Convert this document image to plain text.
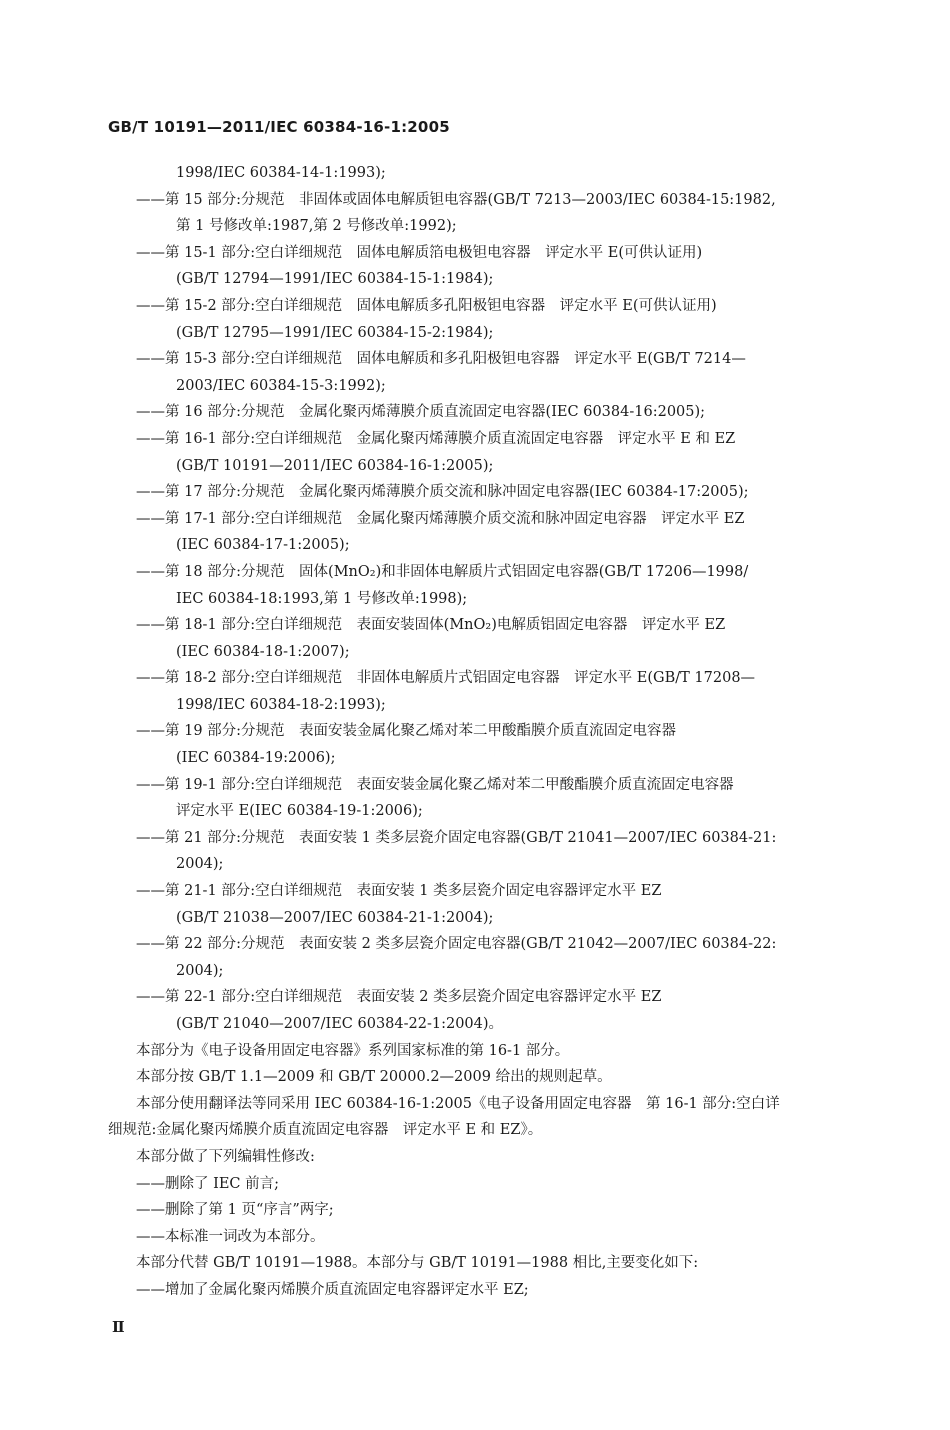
GB/T 10191—2011/IEC 60384-16-1:2005
1998/IEC 60384-14-1:1993);
——第 15 部分:分规范　非固体或固体电解质钽电容器(GB/T 7213—2003/IEC 60384-15:1982,
第 1 号修改单:1987,第 2 号修改单:1992);
——第 15-1 部分:空白详细规范　固体电解质箔电极钽电容器　评定水平 E(可供认证用)
(GB/T 12794—1991/IEC 60384-15-1:1984);
——第 15-2 部分:空白详细规范　固体电解质多孔阳极钽电容器　评定水平 E(可供认证用)
(GB/T 12795—1991/IEC 60384-15-2:1984);
——第 15-3 部分:空白详细规范　固体电解质和多孔阳极钽电容器　评定水平 E(GB/T 7214—
2003/IEC 60384-15-3:1992);
——第 16 部分:分规范　金属化聚丙烯薄膜介质直流固定电容器(IEC 60384-16:2005);
——第 16-1 部分:空白详细规范　金属化聚丙烯薄膜介质直流固定电容器　评定水平 E 和 EZ
(GB/T 10191—2011/IEC 60384-16-1:2005);
——第 17 部分:分规范　金属化聚丙烯薄膜介质交流和脉冲固定电容器(IEC 60384-17:2005);
——第 17-1 部分:空白详细规范　金属化聚丙烯薄膜介质交流和脉冲固定电容器　评定水平 EZ
(IEC 60384-17-1:2005);
——第 18 部分:分规范　固体(MnO₂)和非固体电解质片式铝固定电容器(GB/T 17206—1998/
IEC 60384-18:1993,第 1 号修改单:1998);
——第 18-1 部分:空白详细规范　表面安装固体(MnO₂)电解质铝固定电容器　评定水平 EZ
(IEC 60384-18-1:2007);
——第 18-2 部分:空白详细规范　非固体电解质片式铝固定电容器　评定水平 E(GB/T 17208—
1998/IEC 60384-18-2:1993);
——第 19 部分:分规范　表面安装金属化聚乙烯对苯二甲酸酯膜介质直流固定电容器
(IEC 60384-19:2006);
——第 19-1 部分:空白详细规范　表面安装金属化聚乙烯对苯二甲酸酯膜介质直流固定电容器
评定水平 E(IEC 60384-19-1:2006);
——第 21 部分:分规范　表面安装 1 类多层瓷介固定电容器(GB/T 21041—2007/IEC 60384-21:
2004);
——第 21-1 部分:空白详细规范　表面安装 1 类多层瓷介固定电容器评定水平 EZ
(GB/T 21038—2007/IEC 60384-21-1:2004);
——第 22 部分:分规范　表面安装 2 类多层瓷介固定电容器(GB/T 21042—2007/IEC 60384-22:
2004);
——第 22-1 部分:空白详细规范　表面安装 2 类多层瓷介固定电容器评定水平 EZ
(GB/T 21040—2007/IEC 60384-22-1:2004)。
本部分为《电子设备用固定电容器》系列国家标准的第 16-1 部分。
本部分按 GB/T 1.1—2009 和 GB/T 20000.2—2009 给出的规则起草。
本部分使用翻译法等同采用 IEC 60384-16-1:2005《电子设备用固定电容器　第 16-1 部分:空白详
细规范:金属化聚丙烯膜介质直流固定电容器　评定水平 E 和 EZ》。
本部分做了下列编辑性修改:
——删除了 IEC 前言;
——删除了第 1 页“序言”两字;
——本标准一词改为本部分。
本部分代替 GB/T 10191—1988。本部分与 GB/T 10191—1988 相比,主要变化如下:
——增加了金属化聚丙烯膜介质直流固定电容器评定水平 EZ;
Ⅱ
